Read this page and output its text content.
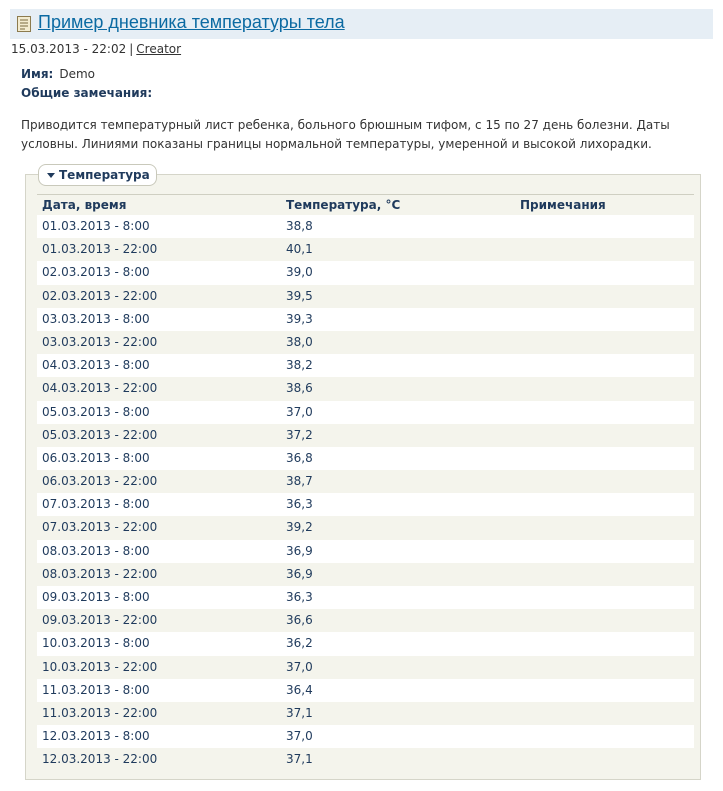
Пример дневника температуры тела
15.03.2013 - 22:02 | Creator
Имя: Demo
Общие замечания:
Приводится температурный лист ребенка, больного брюшным тифом, с 15 по 27 день болезни. Даты условны. Линиями показаны границы нормальной температуры, умеренной и высокой лихорадки.
Температура
Дата, время	Температура, °C	Примечания
01.03.2013 - 8:00	38,8
01.03.2013 - 22:00	40,1
02.03.2013 - 8:00	39,0
02.03.2013 - 22:00	39,5
03.03.2013 - 8:00	39,3
03.03.2013 - 22:00	38,0
04.03.2013 - 8:00	38,2
04.03.2013 - 22:00	38,6
05.03.2013 - 8:00	37,0
05.03.2013 - 22:00	37,2
06.03.2013 - 8:00	36,8
06.03.2013 - 22:00	38,7
07.03.2013 - 8:00	36,3
07.03.2013 - 22:00	39,2
08.03.2013 - 8:00	36,9
08.03.2013 - 22:00	36,9
09.03.2013 - 8:00	36,3
09.03.2013 - 22:00	36,6
10.03.2013 - 8:00	36,2
10.03.2013 - 22:00	37,0
11.03.2013 - 8:00	36,4
11.03.2013 - 22:00	37,1
12.03.2013 - 8:00	37,0
12.03.2013 - 22:00	37,1
